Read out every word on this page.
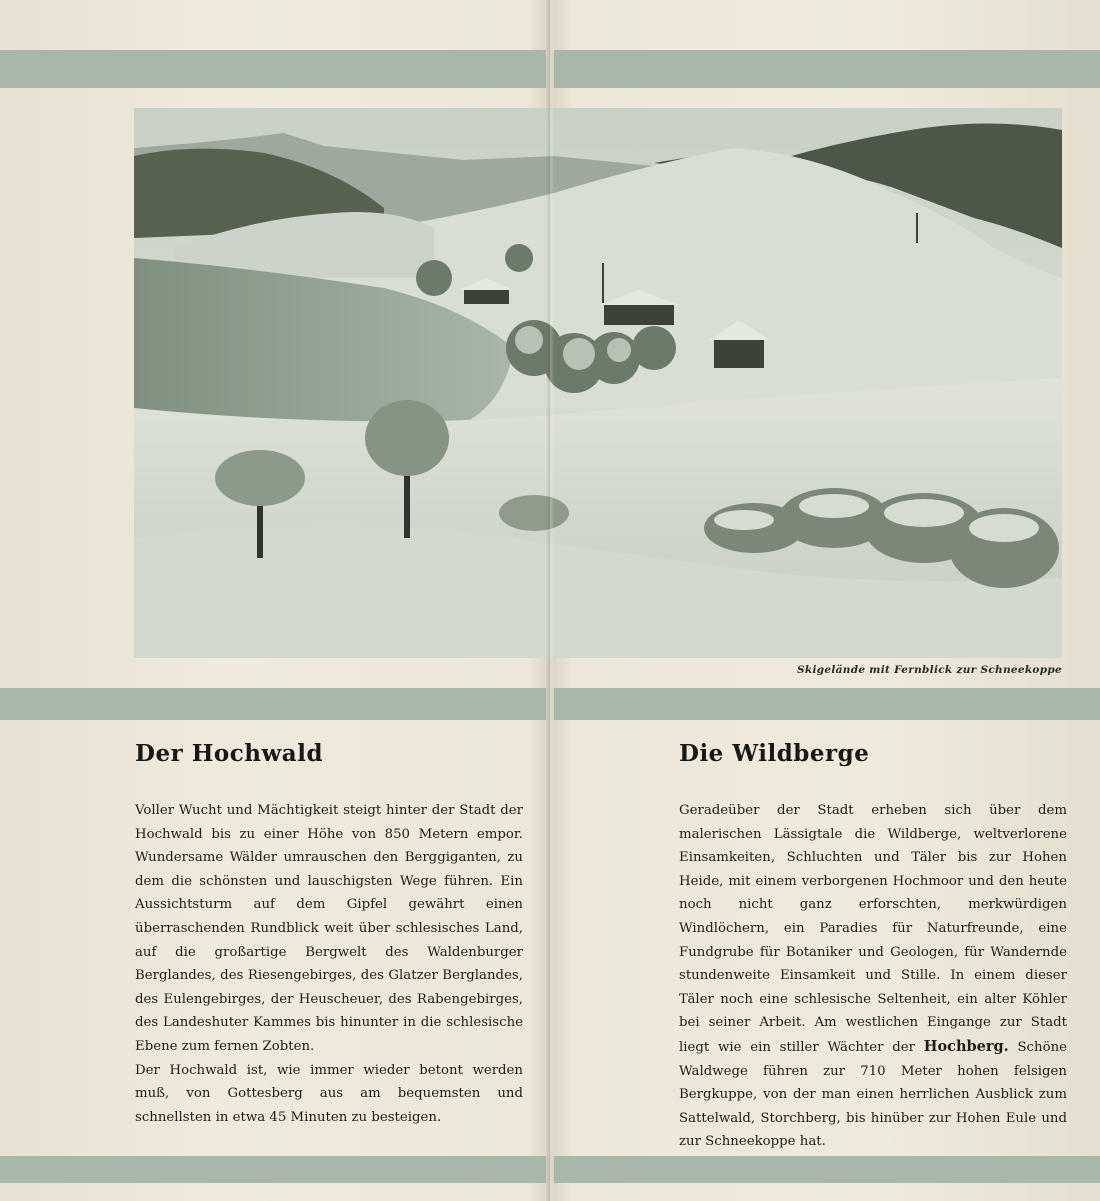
Skigelände mit Fernblick zur Schneekoppe
Der Hochwald

Voller Wucht und Mächtigkeit steigt hinter der Stadt der Hochwald bis zu einer Höhe von 850 Metern empor. Wundersame Wälder umrauschen den Berggiganten, zu dem die schönsten und lauschigsten Wege führen. Ein Aussichtsturm auf dem Gipfel gewährt einen überraschenden Rundblick weit über schlesisches Land, auf die großartige Bergwelt des Waldenburger Berglandes, des Riesengebirges, des Glatzer Berglandes, des Eulengebirges, der Heuscheuer, des Rabengebirges, des Landeshuter Kammes bis hinunter in die schlesische Ebene zum fernen Zobten.

Der Hochwald ist, wie immer wieder betont werden muß, von Gottesberg aus am bequemsten und schnellsten in etwa 45 Minuten zu besteigen.

Die Wildberge

Geradeüber der Stadt erheben sich über dem malerischen Lässigtale die Wildberge, weltverlorene Einsamkeiten, Schluchten und Täler bis zur Hohen Heide, mit einem verborgenen Hochmoor und den heute noch nicht ganz erforschten, merkwürdigen Windlöchern, ein Paradies für Naturfreunde, eine Fundgrube für Botaniker und Geologen, für Wandernde stundenweite Einsamkeit und Stille. In einem dieser Täler noch eine schlesische Seltenheit, ein alter Köhler bei seiner Arbeit. Am westlichen Eingange zur Stadt liegt wie ein stiller Wächter der Hochberg. Schöne Waldwege führen zur 710 Meter hohen felsigen Bergkuppe, von der man einen herrlichen Ausblick zum Sattelwald, Storchberg, bis hinüber zur Hohen Eule und zur Schneekoppe hat.
